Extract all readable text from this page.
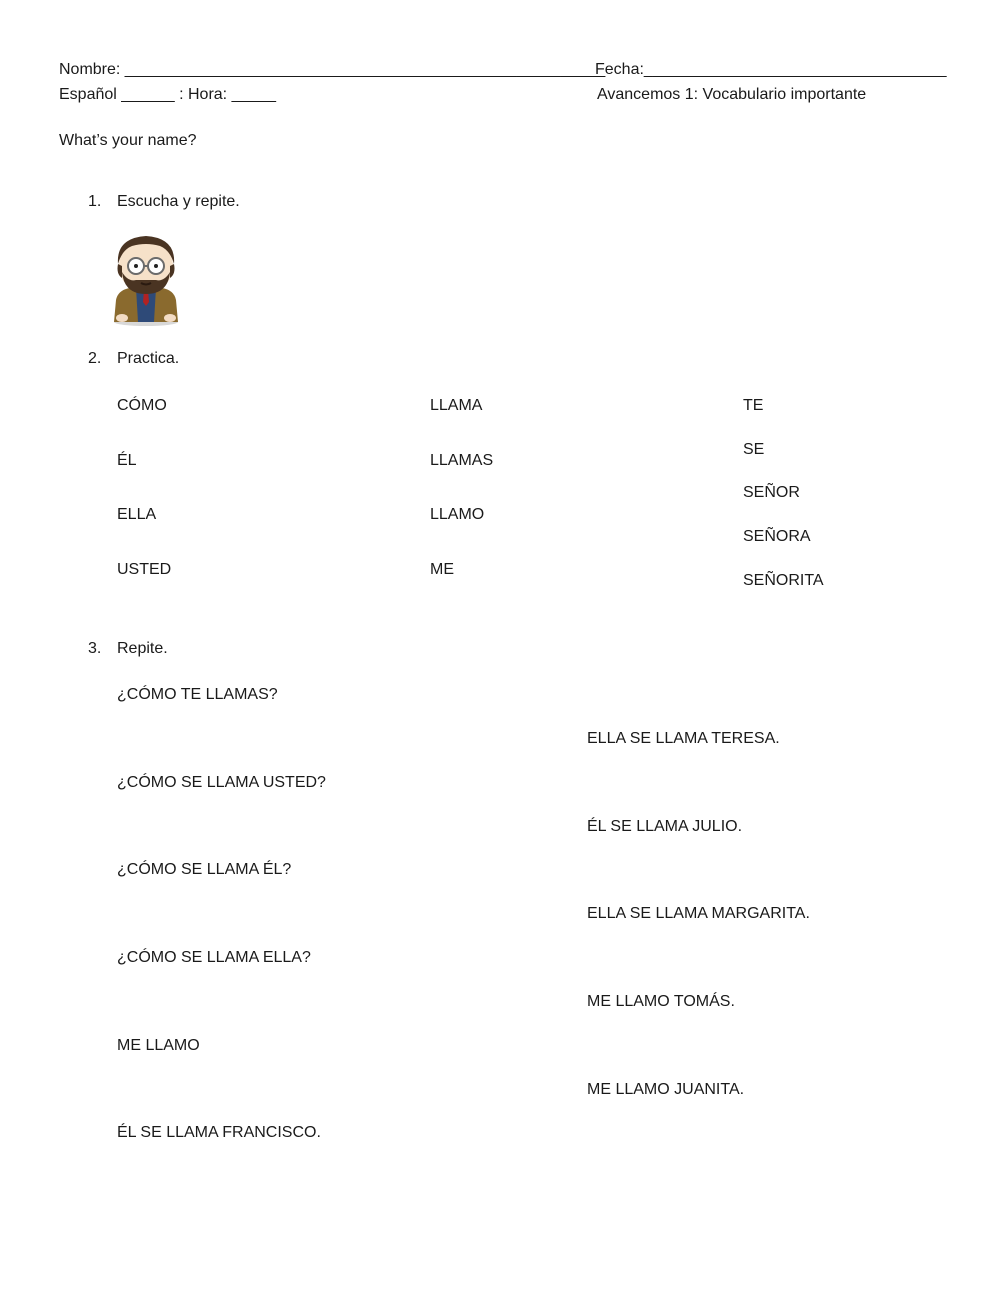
Nombre: ______________________________________________________
Fecha:__________________________________
Español ______ : Hora: _____	Avancemos 1: Vocabulario importante
What’s your name?
1. Escucha y repite.
2. Practica.
CÓMO
ÉL
ELLA
USTED
LLAMA
LLAMAS
LLAMO
ME
TE
SE
SEÑOR
SEÑORA
SEÑORITA
3. Repite.
¿CÓMO TE LLAMAS?
¿CÓMO SE LLAMA USTED?
¿CÓMO SE LLAMA ÉL?
¿CÓMO SE LLAMA ELLA?
ME LLAMO
ÉL SE LLAMA FRANCISCO.
ELLA SE LLAMA TERESA.
ÉL SE LLAMA JULIO.
ELLA SE LLAMA MARGARITA.
ME LLAMO TOMÁS.
ME LLAMO JUANITA.
